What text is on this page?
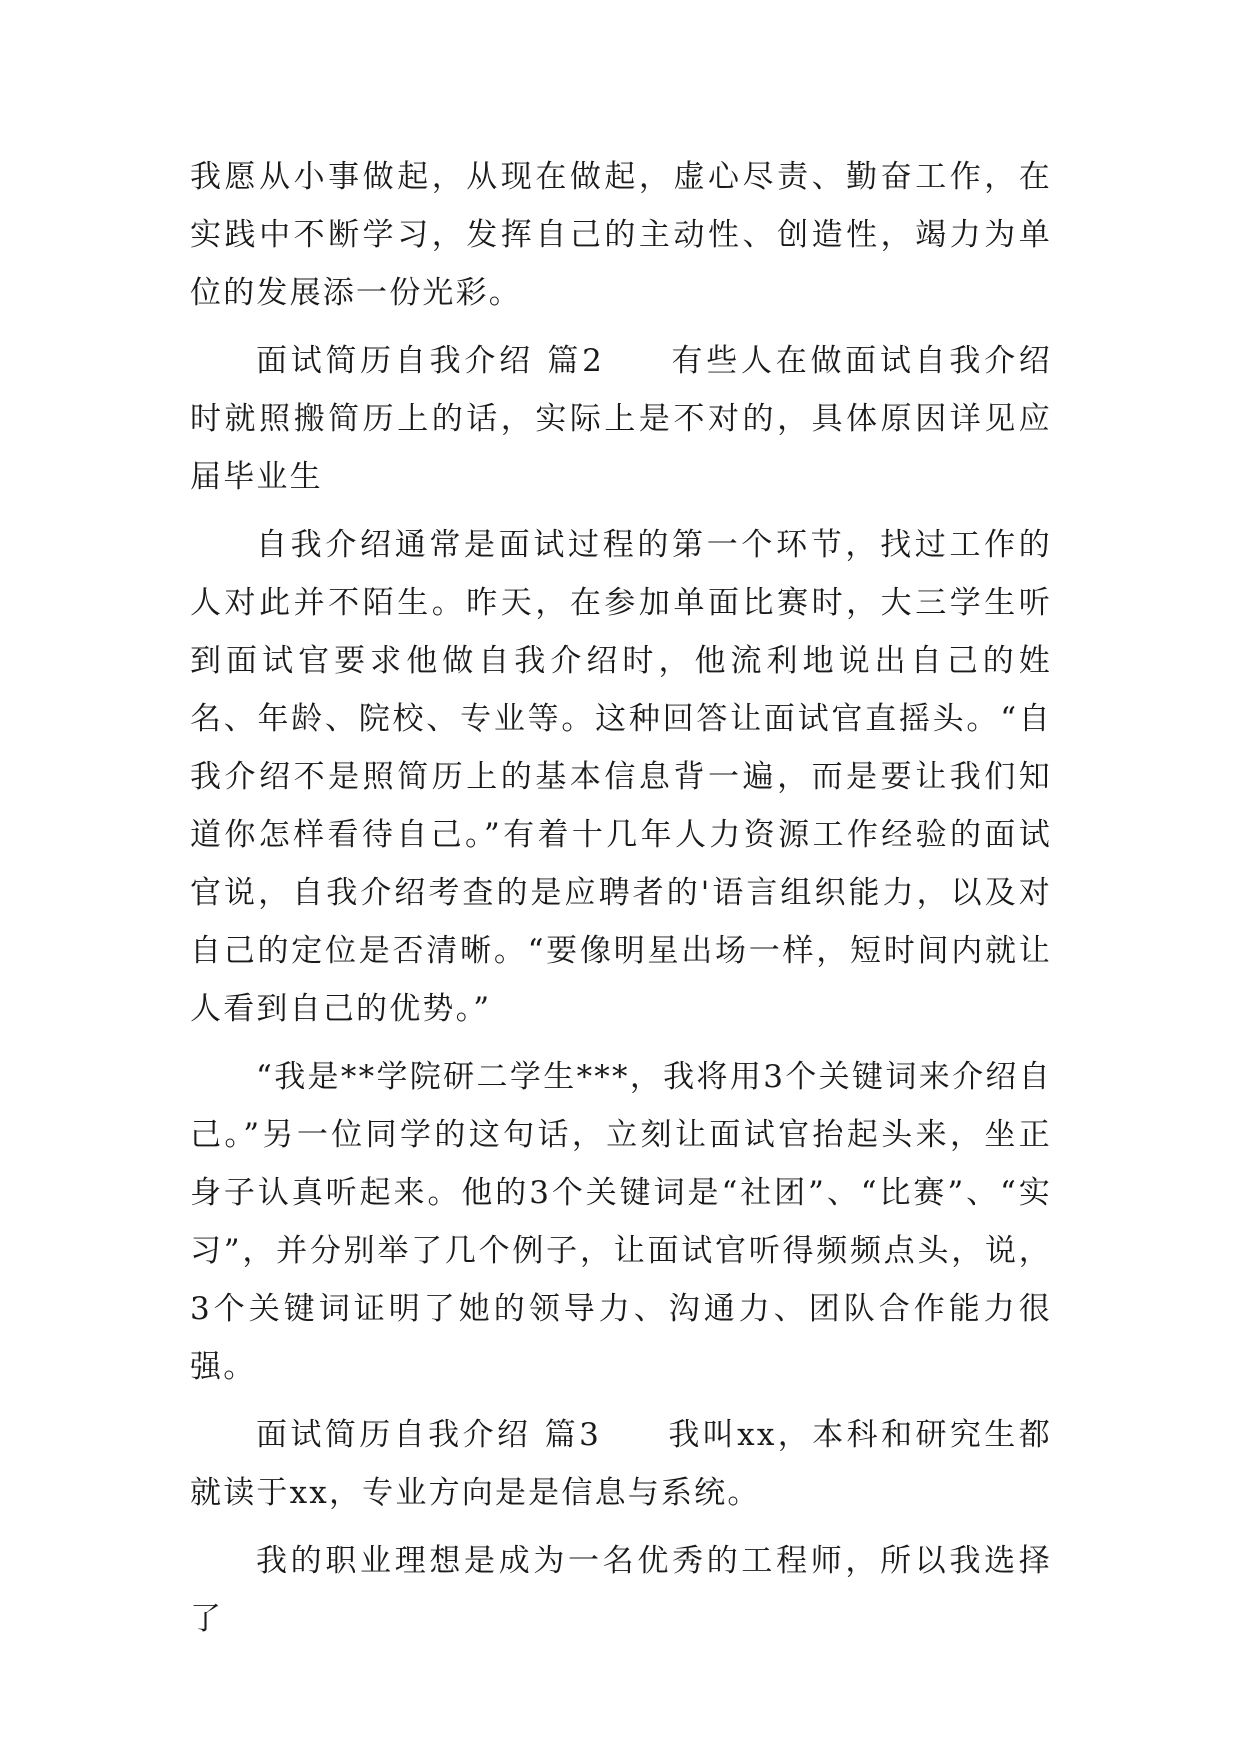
我愿从小事做起，从现在做起，虚心尽责、勤奋工作，在实践中不断学习，发挥自己的主动性、创造性，竭力为单位的发展添一份光彩。

面试简历自我介绍 篇2 有些人在做面试自我介绍时就照搬简历上的话，实际上是不对的，具体原因详见应届毕业生

自我介绍通常是面试过程的第一个环节，找过工作的人对此并不陌生。昨天，在参加单面比赛时，大三学生听到面试官要求他做自我介绍时，他流利地说出自己的姓名、年龄、院校、专业等。这种回答让面试官直摇头。“自我介绍不是照简历上的基本信息背一遍，而是要让我们知道你怎样看待自己。”有着十几年人力资源工作经验的面试官说，自我介绍考查的是应聘者的'语言组织能力，以及对自己的定位是否清晰。“要像明星出场一样，短时间内就让人看到自己的优势。”

“我是**学院研二学生***，我将用3个关键词来介绍自己。”另一位同学的这句话，立刻让面试官抬起头来，坐正身子认真听起来。他的3个关键词是“社团”、“比赛”、“实习”，并分别举了几个例子，让面试官听得频频点头，说，3个关键词证明了她的领导力、沟通力、团队合作能力很强。

面试简历自我介绍 篇3 我叫xx，本科和研究生都就读于xx，专业方向是是信息与系统。

我的职业理想是成为一名优秀的工程师，所以我选择了
